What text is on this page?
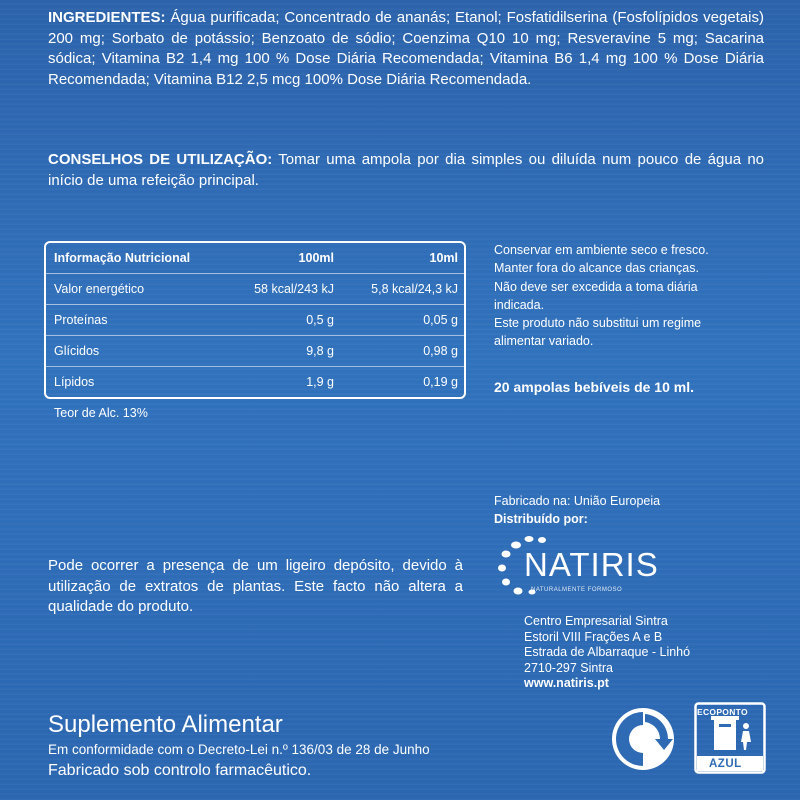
INGREDIENTES: Água purificada; Concentrado de ananás; Etanol; Fosfatidilserina (Fosfolípidos vegetais) 200 mg; Sorbato de potássio; Benzoato de sódio; Coenzima Q10 10 mg; Resveravine 5 mg; Sacarina sódica; Vitamina B2 1,4 mg 100 % Dose Diária Recomendada; Vitamina B6 1,4 mg 100 % Dose Diária Recomendada; Vitamina B12 2,5 mcg 100% Dose Diária Recomendada.
CONSELHOS DE UTILIZAÇÃO: Tomar uma ampola por dia simples ou diluída num pouco de água no início de uma refeição principal.
Informação Nutricional	100ml	10ml
Valor energético	58 kcal/243 kJ	5,8 kcal/24,3 kJ
Proteínas	0,5 g	0,05 g
Glícidos	9,8 g	0,98 g
Lípidos	1,9 g	0,19 g
Teor de Alc. 13%
Conservar em ambiente seco e fresco.
Manter fora do alcance das crianças.
Não deve ser excedida a toma diária
indicada.
Este produto não substitui um regime
alimentar variado.
20 ampolas bebíveis de 10 ml.
Fabricado na: União Europeia
Distribuído por:
NATIRIS
NATURALMENTE FORMOSO
Centro Empresarial Sintra
Estoril VIII Frações A e B
Estrada de Albarraque - Linhó
2710-297 Sintra
www.natiris.pt
Pode ocorrer a presença de um ligeiro depósito, devido à utilização de extratos de plantas. Este facto não altera a qualidade do produto.
Suplemento Alimentar
Em conformidade com o Decreto-Lei n.º 136/03 de 28 de Junho
Fabricado sob controlo farmacêutico.
ECOPONTO
AZUL
